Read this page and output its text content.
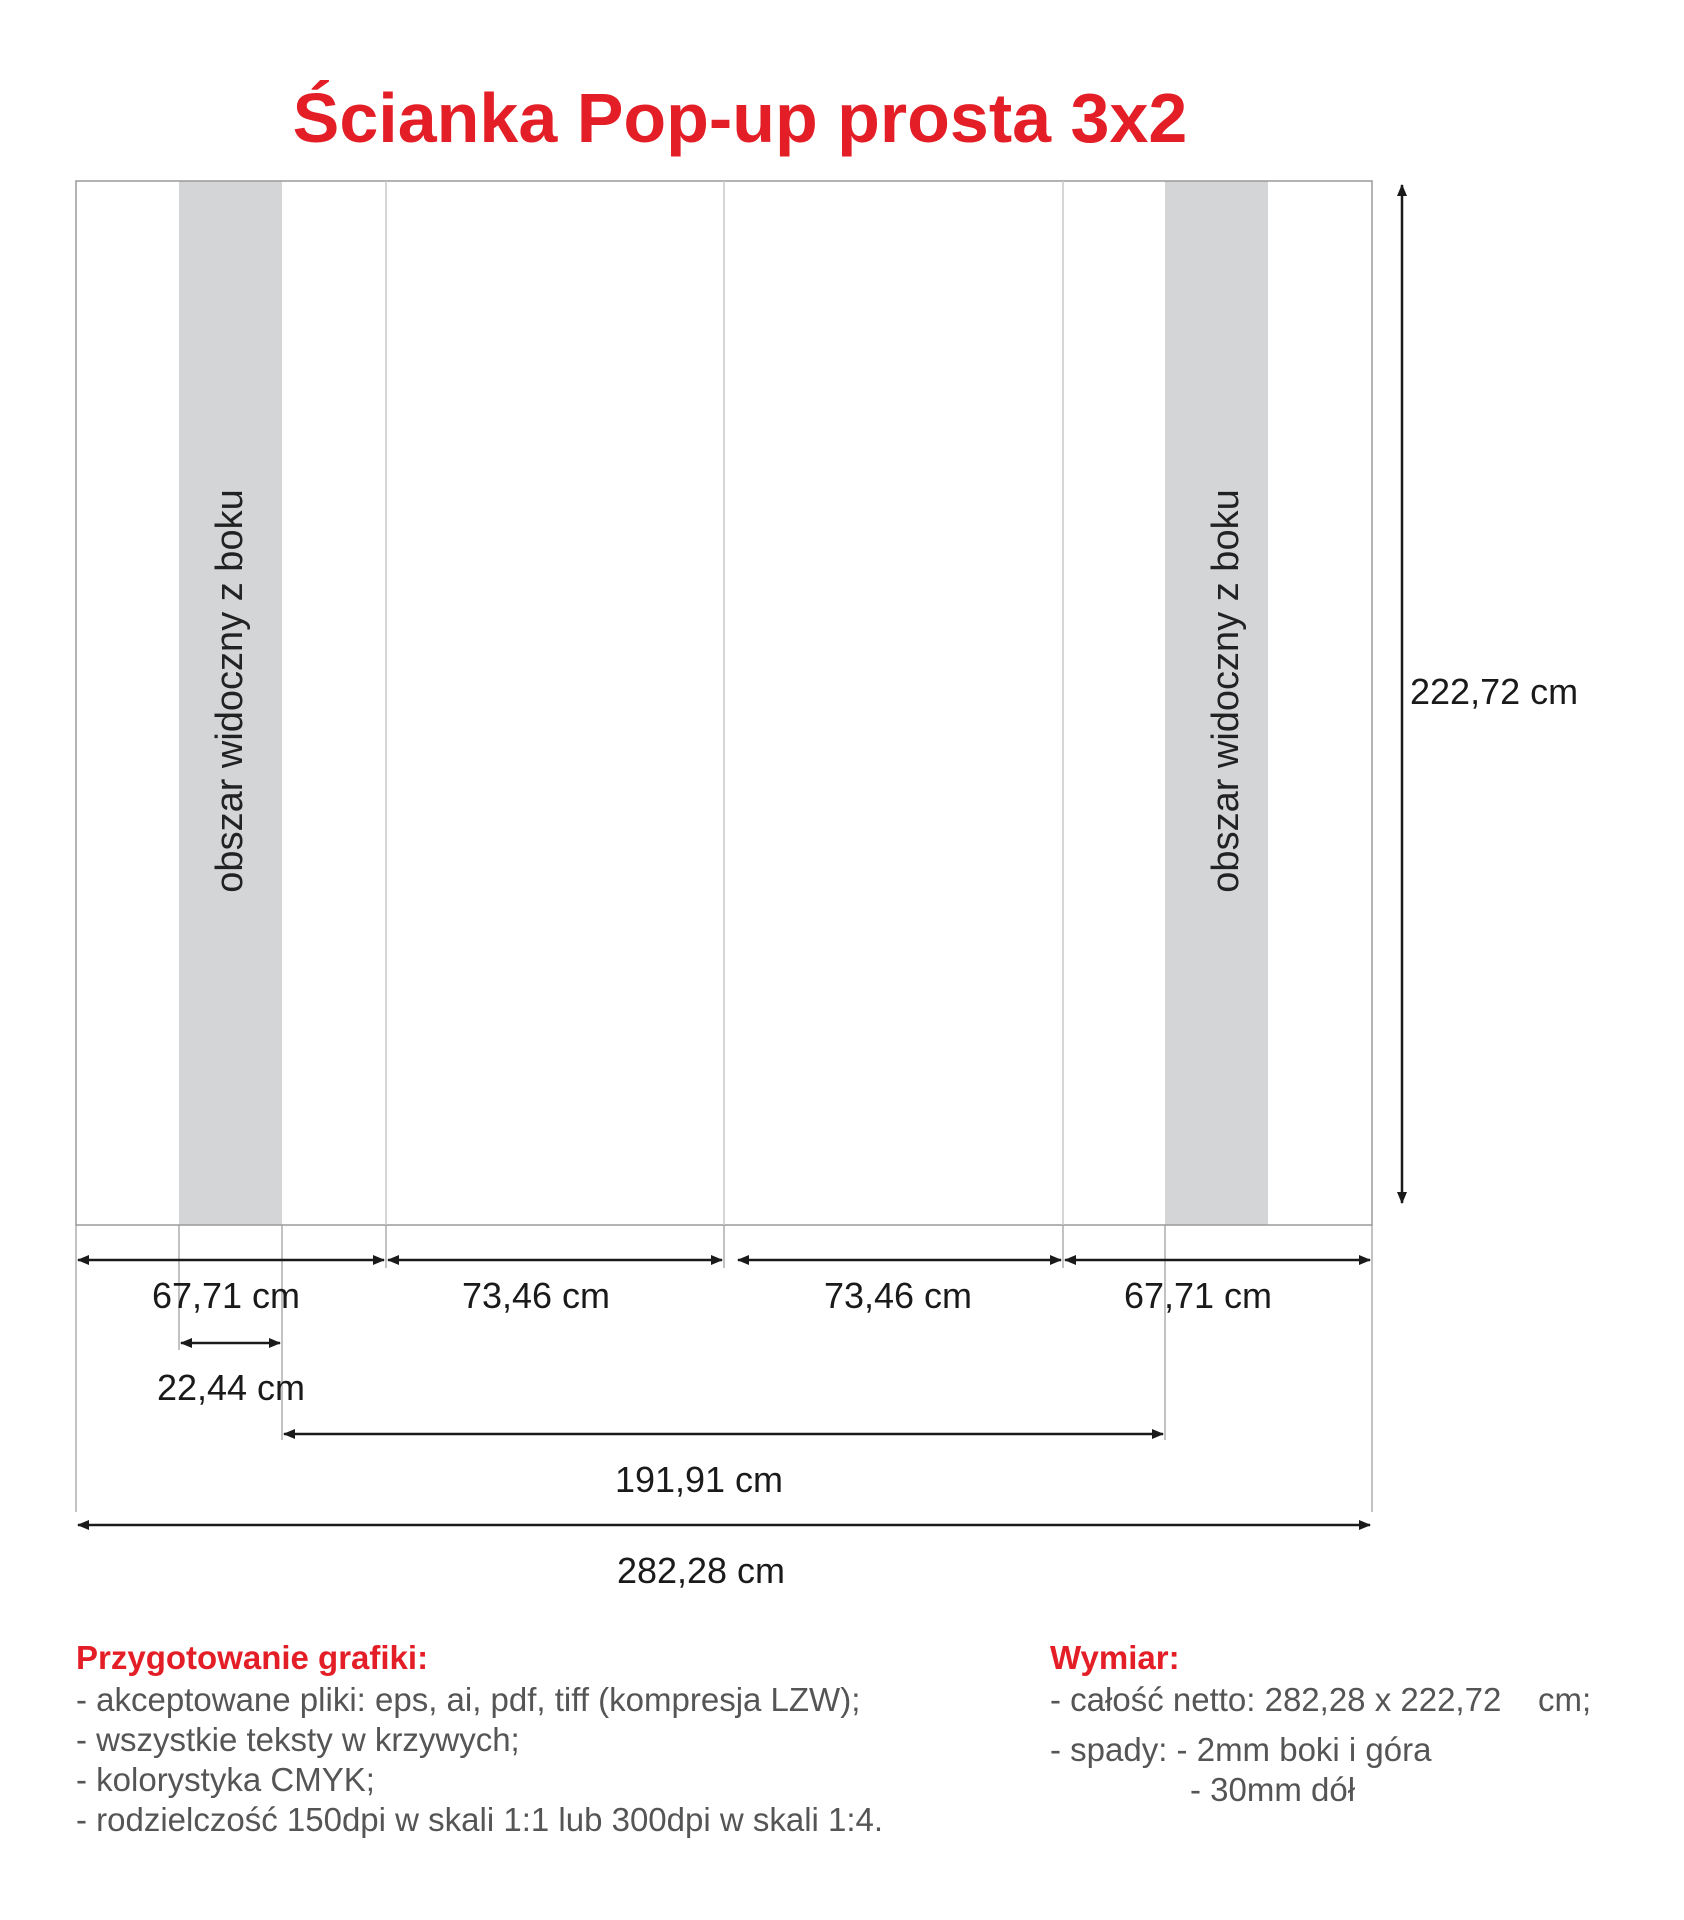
Ścianka Pop-up prosta 3x2
obszar widoczny z boku	obszar widoczny z boku	222,72 cm
67,71 cm	73,46 cm	73,46 cm	67,71 cm
22,44 cm
191,91 cm
282,28 cm
Przygotowanie grafiki:
- akceptowane pliki: eps, ai, pdf, tiff (kompresja LZW);
- wszystkie teksty w krzywych;
- kolorystyka CMYK;
- rodzielczość 150dpi w skali 1:1 lub 300dpi w skali 1:4.
Wymiar:
- całość netto: 282,28 x 222,72    cm;
- spady: - 2mm boki i góra
- 30mm dół
